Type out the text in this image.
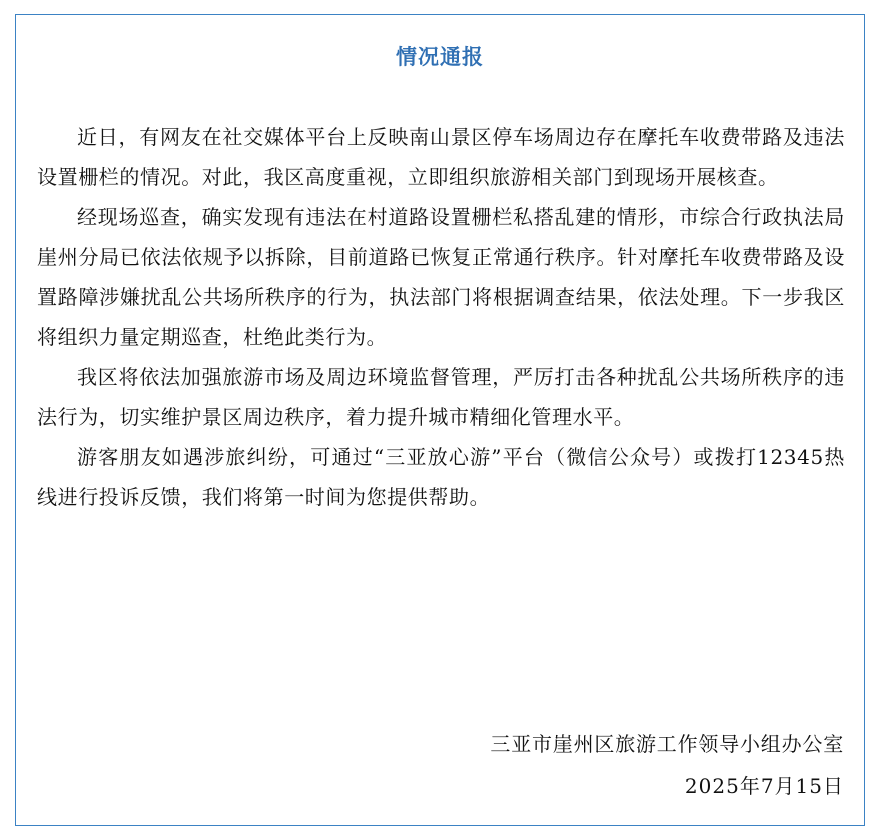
情况通报

近日，有网友在社交媒体平台上反映南山景区停车场周边存在摩托车收费带路及违法设置栅栏的情况。对此，我区高度重视，立即组织旅游相关部门到现场开展核查。

经现场巡查，确实发现有违法在村道路设置栅栏私搭乱建的情形，市综合行政执法局崖州分局已依法依规予以拆除，目前道路已恢复正常通行秩序。针对摩托车收费带路及设置路障涉嫌扰乱公共场所秩序的行为，执法部门将根据调查结果，依法处理。下一步我区将组织力量定期巡查，杜绝此类行为。

我区将依法加强旅游市场及周边环境监督管理，严厉打击各种扰乱公共场所秩序的违法行为，切实维护景区周边秩序，着力提升城市精细化管理水平。

游客朋友如遇涉旅纠纷，可通过“三亚放心游”平台（微信公众号）或拨打12345热线进行投诉反馈，我们将第一时间为您提供帮助。

三亚市崖州区旅游工作领导小组办公室
2025年7月15日
